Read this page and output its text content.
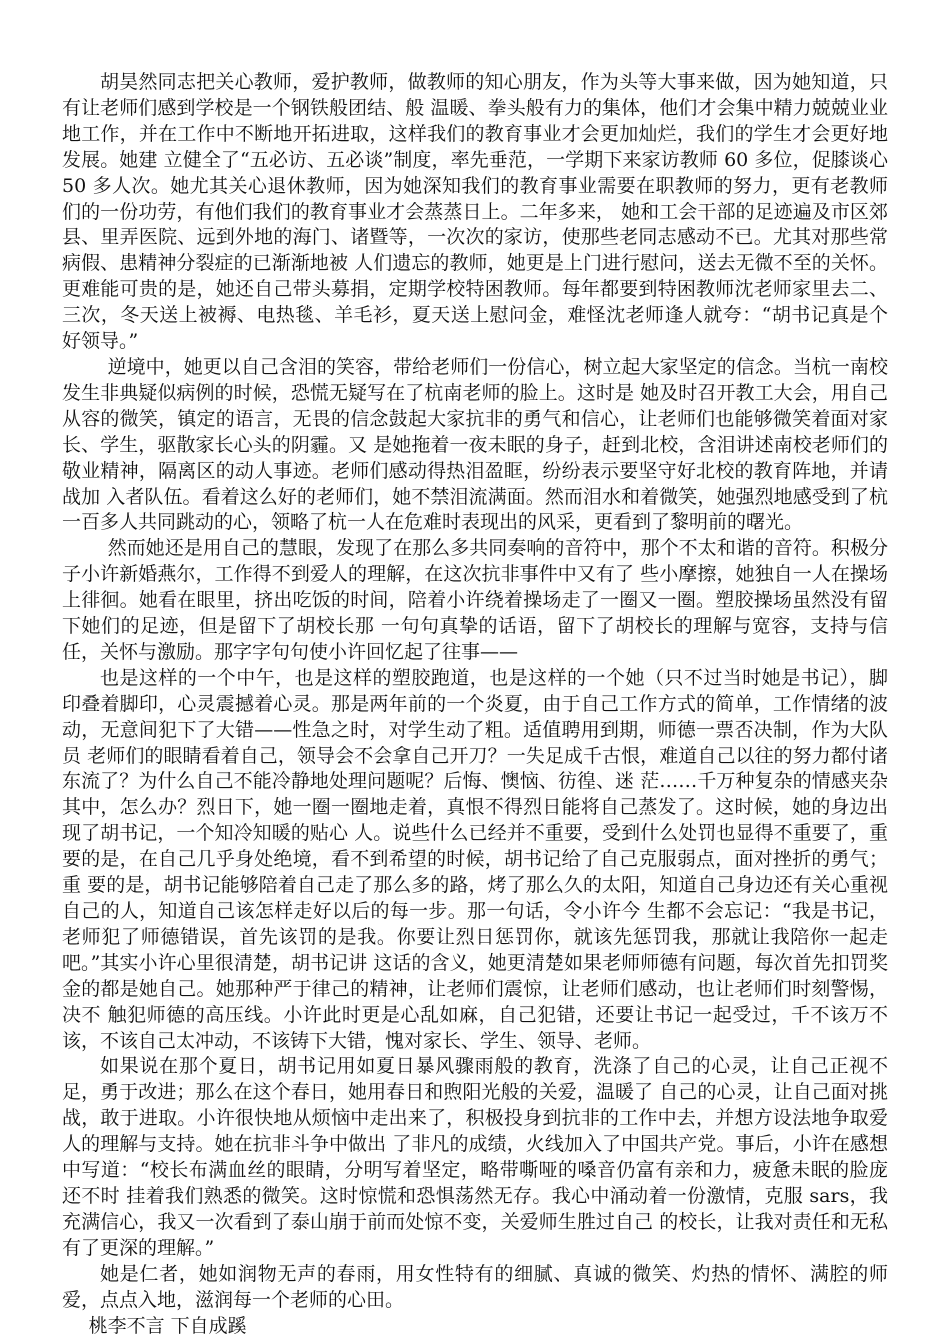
胡昊然同志把关心教师，爱护教师，做教师的知心朋友，作为头等大事来做，因为她知道，只有让老师们感到学校是一个钢铁般团结、般 温暖、拳头般有力的集体，他们才会集中精力兢兢业业地工作，并在工作中不断地开拓进取，这样我们的教育事业才会更加灿烂，我们的学生才会更好地发展。她建 立健全了“五必访、五必谈”制度，率先垂范，一学期下来家访教师 60 多位，促膝谈心 50 多人次。她尤其关心退休教师，因为她深知我们的教育事业需要在职教师的努力，更有老教师们的一份功劳，有他们我们的教育事业才会蒸蒸日上。二年多来， 她和工会干部的足迹遍及市区郊县、里弄医院、远到外地的海门、诸暨等，一次次的家访，使那些老同志感动不已。尤其对那些常病假、患精神分裂症的已渐渐地被 人们遗忘的教师，她更是上门进行慰问，送去无微不至的关怀。更难能可贵的是，她还自己带头募捐，定期学校特困教师。每年都要到特困教师沈老师家里去二、三次，冬天送上被褥、电热毯、羊毛衫，夏天送上慰问金，难怪沈老师逢人就夸：“胡书记真是个好领导。”

逆境中，她更以自己含泪的笑容，带给老师们一份信心，树立起大家坚定的信念。当杭一南校发生非典疑似病例的时候，恐慌无疑写在了杭南老师的脸上。这时是 她及时召开教工大会，用自己从容的微笑，镇定的语言，无畏的信念鼓起大家抗非的勇气和信心，让老师们也能够微笑着面对家长、学生，驱散家长心头的阴霾。又 是她拖着一夜未眠的身子，赶到北校，含泪讲述南校老师们的敬业精神，隔离区的动人事迹。老师们感动得热泪盈眶，纷纷表示要坚守好北校的教育阵地，并请战加 入者队伍。看着这么好的老师们，她不禁泪流满面。然而泪水和着微笑，她强烈地感受到了杭一百多人共同跳动的心，领略了杭一人在危难时表现出的风采，更看到了黎明前的曙光。

然而她还是用自己的慧眼，发现了在那么多共同奏响的音符中，那个不太和谐的音符。积极分子小许新婚燕尔，工作得不到爱人的理解，在这次抗非事件中又有了 些小摩擦，她独自一人在操场上徘徊。她看在眼里，挤出吃饭的时间，陪着小许绕着操场走了一圈又一圈。塑胶操场虽然没有留下她们的足迹，但是留下了胡校长那 一句句真挚的话语，留下了胡校长的理解与宽容，支持与信任，关怀与激励。那字字句句使小许回忆起了往事——

也是这样的一个中午，也是这样的塑胶跑道，也是这样的一个她（只不过当时她是书记），脚印叠着脚印，心灵震撼着心灵。那是两年前的一个炎夏，由于自己工作方式的简单，工作情绪的波动，无意间犯下了大错——性急之时，对学生动了粗。适值聘用到期，师德一票否决制，作为大队员 老师们的眼睛看着自己，领导会不会拿自己开刀？一失足成千古恨，难道自己以往的努力都付诸东流了？为什么自己不能冷静地处理问题呢？后悔、懊恼、彷徨、迷 茫……千万种复杂的情感夹杂其中，怎么办？烈日下，她一圈一圈地走着，真恨不得烈日能将自己蒸发了。这时候，她的身边出现了胡书记，一个知冷知暖的贴心 人。说些什么已经并不重要，受到什么处罚也显得不重要了，重要的是，在自己几乎身处绝境，看不到希望的时候，胡书记给了自己克服弱点，面对挫折的勇气；重 要的是，胡书记能够陪着自己走了那么多的路，烤了那么久的太阳，知道自己身边还有关心重视自己的人，知道自己该怎样走好以后的每一步。那一句话，令小许今 生都不会忘记：“我是书记，老师犯了师德错误，首先该罚的是我。你要让烈日惩罚你，就该先惩罚我，那就让我陪你一起走吧。”其实小许心里很清楚，胡书记讲 这话的含义，她更清楚如果老师师德有问题，每次首先扣罚奖金的都是她自己。她那种严于律己的精神，让老师们震惊，让老师们感动，也让老师们时刻警惕，决不 触犯师德的高压线。小许此时更是心乱如麻，自己犯错，还要让书记一起受过，千不该万不该，不该自己太冲动，不该铸下大错，愧对家长、学生、领导、老师。

如果说在那个夏日，胡书记用如夏日暴风骤雨般的教育，洗涤了自己的心灵，让自己正视不足，勇于改进；那么在这个春日，她用春日和煦阳光般的关爱，温暖了 自己的心灵，让自己面对挑战，敢于进取。小许很快地从烦恼中走出来了，积极投身到抗非的工作中去，并想方设法地争取爱人的理解与支持。她在抗非斗争中做出 了非凡的成绩，火线加入了中国共产党。事后，小许在感想中写道：“校长布满血丝的眼睛，分明写着坚定，略带嘶哑的嗓音仍富有亲和力，疲惫未眠的脸庞还不时 挂着我们熟悉的微笑。这时惊慌和恐惧荡然无存。我心中涌动着一份激情，克服 sars，我充满信心，我又一次看到了泰山崩于前而处惊不变，关爱师生胜过自己 的校长，让我对责任和无私有了更深的理解。”

她是仁者，她如润物无声的春雨，用女性特有的细腻、真诚的微笑、灼热的情怀、满腔的师爱，点点入地，滋润每一个老师的心田。

桃李不言 下自成蹊
